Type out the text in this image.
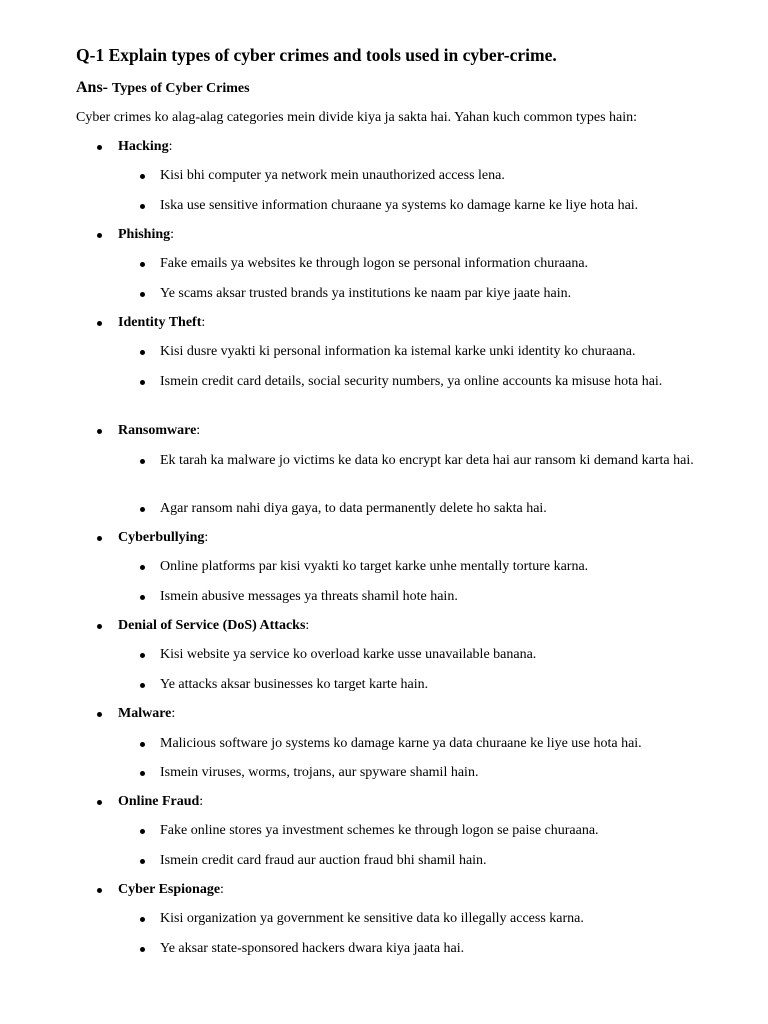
Q-1 Explain types of cyber crimes and tools used in cyber-crime.
Ans- Types of Cyber Crimes
Cyber crimes ko alag-alag categories mein divide kiya ja sakta hai. Yahan kuch common types hain:
Hacking:
Kisi bhi computer ya network mein unauthorized access lena.
Iska use sensitive information churaane ya systems ko damage karne ke liye hota hai.
Phishing:
Fake emails ya websites ke through logon se personal information churaana.
Ye scams aksar trusted brands ya institutions ke naam par kiye jaate hain.
Identity Theft:
Kisi dusre vyakti ki personal information ka istemal karke unki identity ko churaana.
Ismein credit card details, social security numbers, ya online accounts ka misuse hota hai.
Ransomware:
Ek tarah ka malware jo victims ke data ko encrypt kar deta hai aur ransom ki demand karta hai.
Agar ransom nahi diya gaya, to data permanently delete ho sakta hai.
Cyberbullying:
Online platforms par kisi vyakti ko target karke unhe mentally torture karna.
Ismein abusive messages ya threats shamil hote hain.
Denial of Service (DoS) Attacks:
Kisi website ya service ko overload karke usse unavailable banana.
Ye attacks aksar businesses ko target karte hain.
Malware:
Malicious software jo systems ko damage karne ya data churaane ke liye use hota hai.
Ismein viruses, worms, trojans, aur spyware shamil hain.
Online Fraud:
Fake online stores ya investment schemes ke through logon se paise churaana.
Ismein credit card fraud aur auction fraud bhi shamil hain.
Cyber Espionage:
Kisi organization ya government ke sensitive data ko illegally access karna.
Ye aksar state-sponsored hackers dwara kiya jaata hai.
